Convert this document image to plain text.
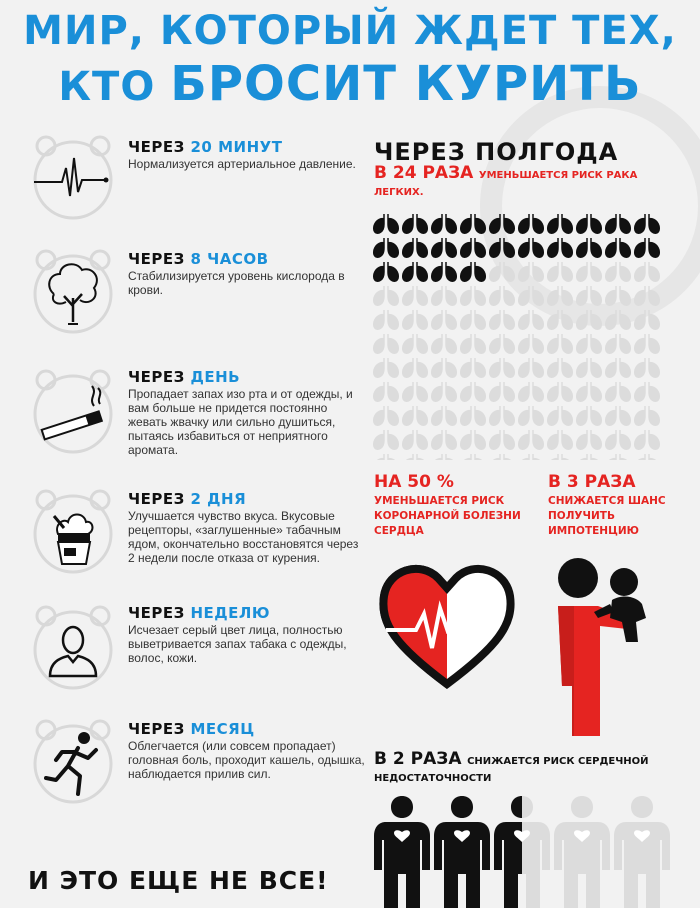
МИР, КОТОРЫЙ ЖДЕТ ТЕХ,
КТО БРОСИТ КУРИТЬ
ЧЕРЕЗ 20 МИНУТ
Нормализуется артериальное давление.
ЧЕРЕЗ 8 ЧАСОВ
Стабилизируется уровень кислорода в крови.
ЧЕРЕЗ ДЕНЬ
Пропадает запах изо рта и от одежды, и вам больше не придется постоянно жевать жвачку или сильно душиться, пытаясь избавиться от неприятного аромата.
ЧЕРЕЗ 2 ДНЯ
Улучшается чувство вкуса. Вкусовые рецепторы, «заглушенные» табачным ядом, окончательно восстановятся через 2 недели после отказа от курения.
ЧЕРЕЗ НЕДЕЛЮ
Исчезает серый цвет лица, полностью выветривается запах табака с одежды, волос, кожи.
ЧЕРЕЗ МЕСЯЦ
Облегчается (или совсем пропадает) головная боль, проходит кашель, одышка, наблюдается прилив сил.
ЧЕРЕЗ ПОЛГОДА
В 24 РАЗА УМЕНЬШАЕТСЯ РИСК РАКА ЛЕГКИХ.
НА 50 %
УМЕНЬШАЕТСЯ РИСК КОРОНАРНОЙ БОЛЕЗНИ СЕРДЦА
В 3 РАЗА
СНИЖАЕТСЯ ШАНС ПОЛУЧИТЬ ИМПОТЕНЦИЮ
В 2 РАЗА СНИЖАЕТСЯ РИСК СЕРДЕЧНОЙ НЕДОСТАТОЧНОСТИ
И ЭТО ЕЩЕ НЕ ВСЕ!
